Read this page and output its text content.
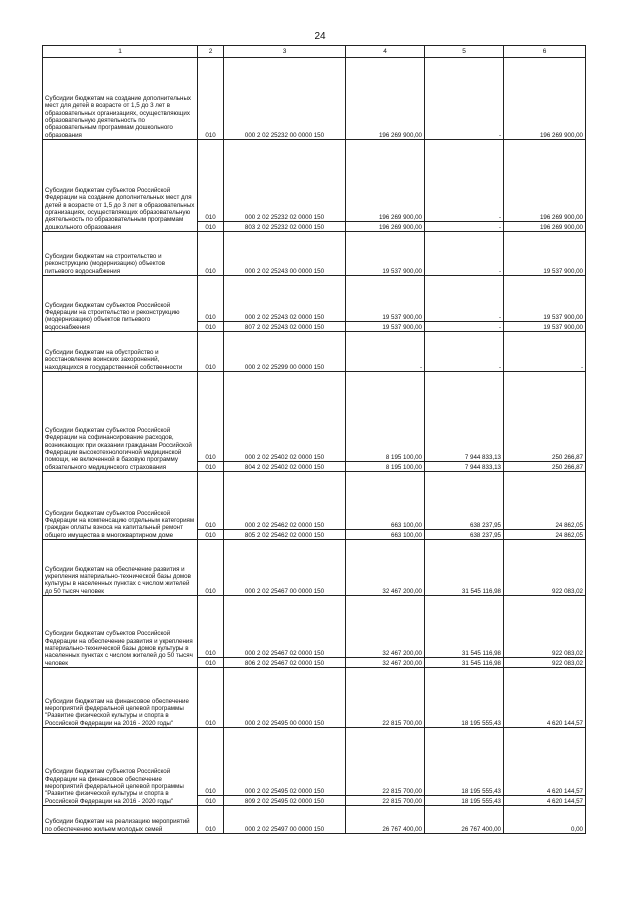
24
1	2	3	4	5	6
Субсидии бюджетам на создание дополнительных мест для детей в возрасте от 1,5 до 3 лет в образовательных организациях, осуществляющих образовательную деятельность по образовательным программам дошкольного образования	010	000 2 02 25232 00 0000 150	196 269 900,00	-	196 269 900,00
Субсидии бюджетам субъектов Российской Федерации на создание дополнительных мест для детей в возрасте от 1,5 до 3 лет в образовательных организациях, осуществляющих образовательную деятельность по образовательным программам дошкольного образования	010	000 2 02 25232 02 0000 150	196 269 900,00	-	196 269 900,00
	010	803 2 02 25232 02 0000 150	196 269 900,00	-	196 269 900,00
Субсидии бюджетам на строительство и реконструкцию (модернизацию) объектов питьевого водоснабжения	010	000 2 02 25243 00 0000 150	19 537 900,00	-	19 537 900,00
Субсидии бюджетам субъектов Российской Федерации на строительство и реконструкцию (модернизацию) объектов питьевого водоснабжения	010	000 2 02 25243 02 0000 150	19 537 900,00	-	19 537 900,00
	010	807 2 02 25243 02 0000 150	19 537 900,00	-	19 537 900,00
Субсидии бюджетам на обустройство и восстановление воинских захоронений, находящихся в государственной собственности	010	000 2 02 25299 00 0000 150	-	-	-
Субсидии бюджетам субъектов Российской Федерации на софинансирование расходов, возникающих при оказании гражданам Российской Федерации высокотехнологичной медицинской помощи, не включенной в базовую программу обязательного медицинского страхования	010	000 2 02 25402 02 0000 150	8 195 100,00	7 944 833,13	250 266,87
	010	804 2 02 25402 02 0000 150	8 195 100,00	7 944 833,13	250 266,87
Субсидии бюджетам субъектов Российской Федерации на компенсацию отдельным категориям граждан оплаты взноса на капитальный ремонт общего имущества в многоквартирном доме	010	000 2 02 25462 02 0000 150	663 100,00	638 237,95	24 862,05
	010	805 2 02 25462 02 0000 150	663 100,00	638 237,95	24 862,05
Субсидии бюджетам на обеспечение развития и укрепления материально-технической базы домов культуры в населенных пунктах с числом жителей до 50 тысяч человек	010	000 2 02 25467 00 0000 150	32 467 200,00	31 545 116,98	922 083,02
Субсидии бюджетам субъектов Российской Федерации на обеспечение развития и укрепления материально-технической базы домов культуры в населенных пунктах с числом жителей до 50 тысяч человек	010	000 2 02 25467 02 0000 150	32 467 200,00	31 545 116,98	922 083,02
	010	806 2 02 25467 02 0000 150	32 467 200,00	31 545 116,98	922 083,02
Субсидии бюджетам на финансовое обеспечение мероприятий федеральной целевой программы "Развитие физической культуры и спорта в Российской Федерации на 2016 - 2020 годы"	010	000 2 02 25495 00 0000 150	22 815 700,00	18 195 555,43	4 620 144,57
Субсидии бюджетам субъектов Российской Федерации на финансовое обеспечение мероприятий федеральной целевой программы "Развитие физической культуры и спорта в Российской Федерации на 2016 - 2020 годы"	010	000 2 02 25495 02 0000 150	22 815 700,00	18 195 555,43	4 620 144,57
	010	809 2 02 25495 02 0000 150	22 815 700,00	18 195 555,43	4 620 144,57
Субсидии бюджетам на реализацию мероприятий по обеспечению жильем молодых семей	010	000 2 02 25497 00 0000 150	26 767 400,00	26 767 400,00	0,00
